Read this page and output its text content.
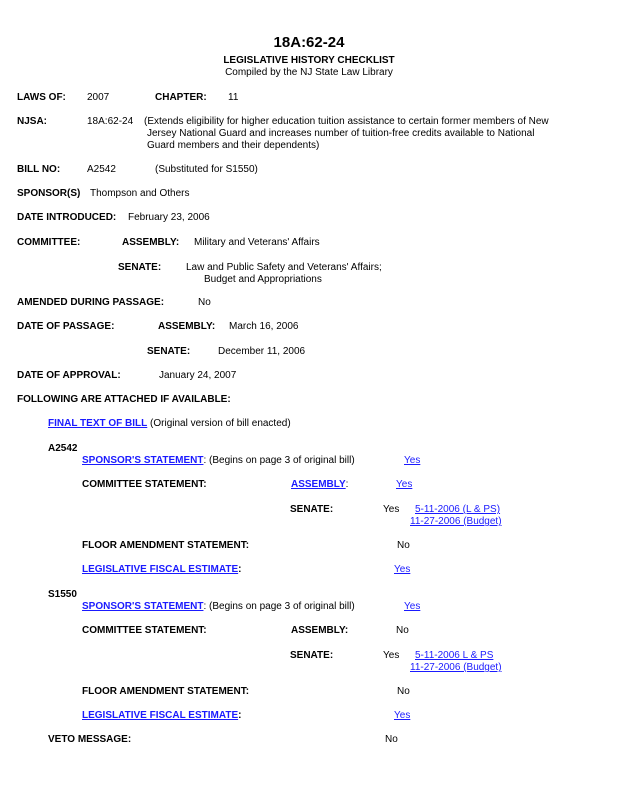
18A:62-24
LEGISLATIVE HISTORY CHECKLIST
Compiled by the NJ State Law Library
LAWS OF: 2007	CHAPTER: 11
NJSA:	18A:62-24 (Extends eligibility for higher education tuition assistance to certain former members of New
Jersey National Guard and increases number of tuition-free credits available to National
Guard members and their dependents)
BILL NO:	A2542	(Substituted for S1550)
SPONSOR(S) Thompson and Others
DATE INTRODUCED: February 23, 2006
COMMITTEE:	ASSEMBLY: Military and Veterans' Affairs
SENATE: Law and Public Safety and Veterans' Affairs;
Budget and Appropriations
AMENDED DURING PASSAGE:	No
DATE OF PASSAGE:	ASSEMBLY: March 16, 2006
SENATE:	December 11, 2006
DATE OF APPROVAL:	January 24, 2007
FOLLOWING ARE ATTACHED IF AVAILABLE:
FINAL TEXT OF BILL (Original version of bill enacted)
A2542
SPONSOR'S STATEMENT: (Begins on page 3 of original bill)	Yes
COMMITTEE STATEMENT:	ASSEMBLY:	Yes
SENATE:	Yes 5-11-2006 (L & PS)
11-27-2006 (Budget)
FLOOR AMENDMENT STATEMENT:	No
LEGISLATIVE FISCAL ESTIMATE:	Yes
S1550
SPONSOR'S STATEMENT: (Begins on page 3 of original bill)	Yes
COMMITTEE STATEMENT:	ASSEMBLY:	No
SENATE:	Yes 5-11-2006 L & PS
11-27-2006 (Budget)
FLOOR AMENDMENT STATEMENT:	No
LEGISLATIVE FISCAL ESTIMATE:	Yes
VETO MESSAGE:	No
